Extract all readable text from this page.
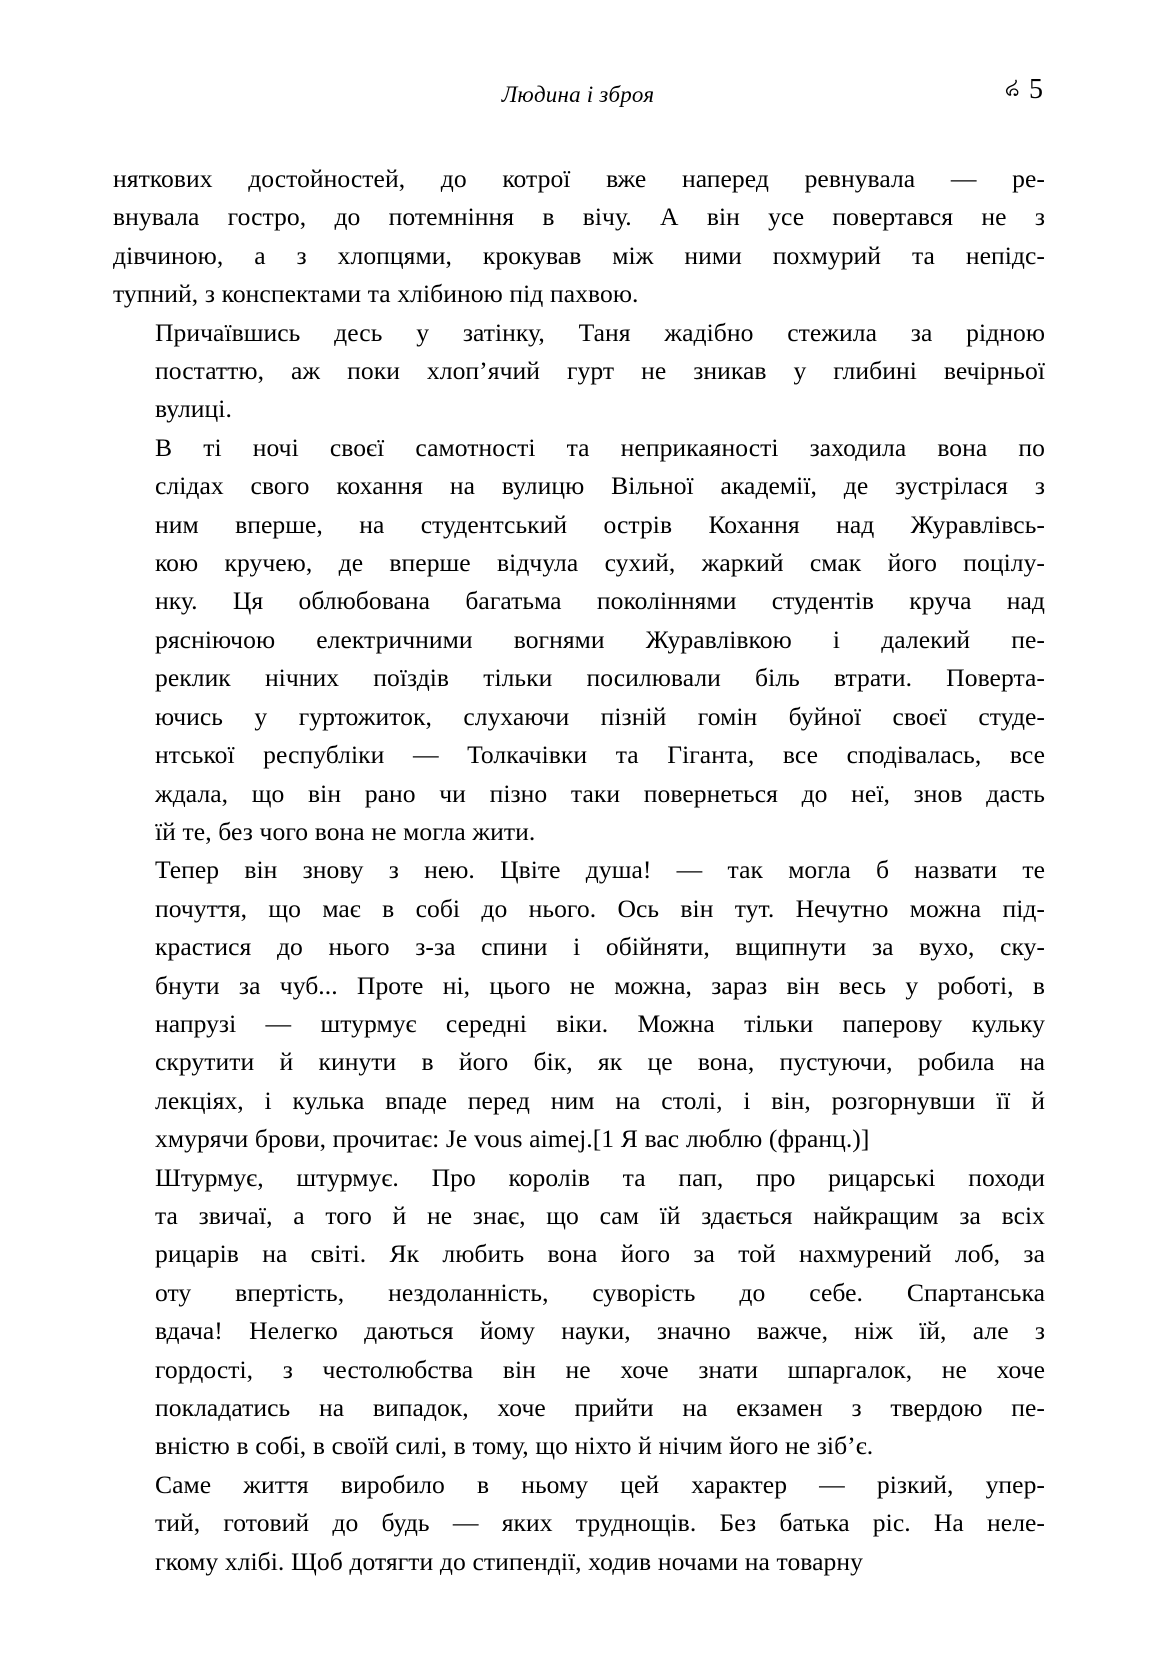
Людина і зброя	৯ 5

няткових достойностей, до котрої вже наперед ревнувала — ре-
внувала гостро, до потемніння в вічу. А він усе повертався не з
дівчиною, а з хлопцями, крокував між ними похмурий та непідс-
тупний, з конспектами та хлібиною під пахвою.

Причаївшись десь у затінку, Таня жадібно стежила за рідною
постаттю, аж поки хлоп’ячий гурт не зникав у глибині вечірньої
вулиці.

В ті ночі своєї самотності та неприкаяності заходила вона по
слідах свого кохання на вулицю Вільної академії, де зустрілася з
ним вперше, на студентський острів Кохання над Журавлівсь-
кою кручею, де вперше відчула сухий, жаркий смак його поцілу-
нку. Ця облюбована багатьма поколіннями студентів круча над
рясніючою електричними вогнями Журавлівкою і далекий пе-
реклик нічних поїздів тільки посилювали біль втрати. Поверта-
ючись у гуртожиток, слухаючи пізній гомін буйної своєї студе-
нтської республіки — Толкачівки та Гіганта, все сподівалась, все
ждала, що він рано чи пізно таки повернеться до неї, знов дасть
їй те, без чого вона не могла жити.

Тепер він знову з нею. Цвіте душа! — так могла б назвати те
почуття, що має в собі до нього. Ось він тут. Нечутно можна під-
крастися до нього з-за спини і обійняти, вщипнути за вухо, ску-
бнути за чуб... Проте ні, цього не можна, зараз він весь у роботі, в
напрузі — штурмує середні віки. Можна тільки паперову кульку
скрутити й кинути в його бік, як це вона, пустуючи, робила на
лекціях, і кулька впаде перед ним на столі, і він, розгорнувши її й
хмурячи брови, прочитає: Je vous aimej.[1 Я вас люблю (франц.)]

Штурмує, штурмує. Про королів та пап, про рицарські походи
та звичаї, а того й не знає, що сам їй здається найкращим за всіх
рицарів на світі. Як любить вона його за той нахмурений лоб, за
оту впертість, нездоланність, суворість до себе. Спартанська
вдача! Нелегко даються йому науки, значно важче, ніж їй, але з
гордості, з честолюбства він не хоче знати шпаргалок, не хоче
покладатись на випадок, хоче прийти на екзамен з твердою пе-
вністю в собі, в своїй силі, в тому, що ніхто й нічим його не зіб’є.

Саме життя виробило в ньому цей характер — різкий, упер-
тий, готовий до будь — яких труднощів. Без батька ріс. На неле-
гкому хлібі. Щоб дотягти до стипендії, ходив ночами на товарну
